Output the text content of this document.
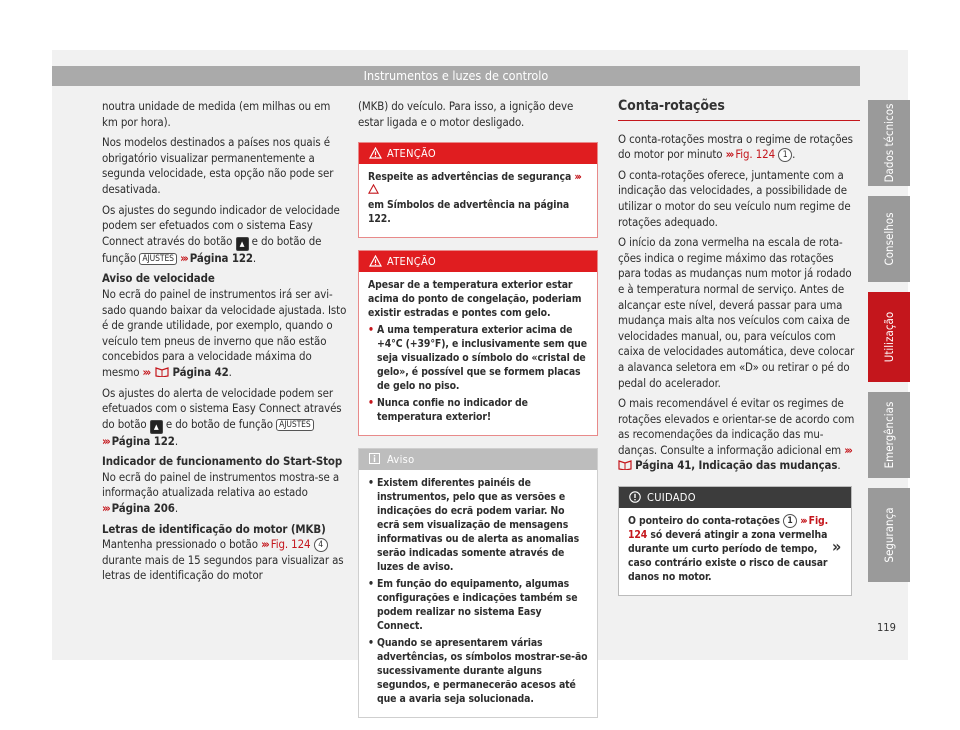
Instrumentos e luzes de controlo

noutra unidade de medida (em milhas ou em km por hora).

Nos modelos destinados a países nos quais é obrigatório visualizar permanentemente a segunda velocidade, esta opção não pode ser desativada.

Os ajustes do segundo indicador de velocidade podem ser efetuados com o sistema Easy Connect através do botão ▲ e do botão de função AJUSTES ››› Página 122.

Aviso de velocidade

No ecrã do painel de instrumentos irá ser avisado quando baixar da velocidade ajustada. Isto é de grande utilidade, por exemplo, quando o veículo tem pneus de inverno que não estão concebidos para a velocidade máxima do mesmo ››› Página 42.

Os ajustes do alerta de velocidade podem ser efetuados com o sistema Easy Connect através do botão ▲ e do botão de função AJUSTES ››› Página 122.

Indicador de funcionamento do Start-Stop

No ecrã do painel de instrumentos mostra-se a informação atualizada relativa ao estado ››› Página 206.

Letras de identificação do motor (MKB)

Mantenha pressionado o botão ››› Fig. 124 4 durante mais de 15 segundos para visualizar as letras de identificação do motor

(MKB) do veículo. Para isso, a ignição deve estar ligada e o motor desligado.

ATENÇÃO

Respeite as advertências de segurança ›››
em Símbolos de advertência na página 122.

ATENÇÃO

Apesar de a temperatura exterior estar acima do ponto de congelação, poderiam existir estradas e pontes com gelo.

• A uma temperatura exterior acima de +4°C (+39°F), e inclusivamente sem que seja visualizado o símbolo do «cristal de gelo», é possível que se formem placas de gelo no piso.

• Nunca confie no indicador de temperatura exterior!

Aviso

• Existem diferentes painéis de instrumentos, pelo que as versões e indicações do ecrã podem variar. No ecrã sem visualização de mensagens informativas ou de alerta as anomalias serão indicadas somente através de luzes de aviso.

• Em função do equipamento, algumas configurações e indicações também se podem realizar no sistema Easy Connect.

• Quando se apresentarem várias advertências, os símbolos mostrar-se-ão sucessivamente durante alguns segundos, e permanecerão acesos até que a avaria seja solucionada.

Conta-rotações

O conta-rotações mostra o regime de rotações do motor por minuto ››› Fig. 124 1 .

O conta-rotações oferece, juntamente com a indicação das velocidades, a possibilidade de utilizar o motor do seu veículo num regime de rotações adequado.

O início da zona vermelha na escala de rotações indica o regime máximo das rotações para todas as mudanças num motor já rodado e à temperatura normal de serviço. Antes de alcançar este nível, deverá passar para uma mudança mais alta nos veículos com caixa de velocidades manual, ou, para veículos com caixa de velocidades automática, deve colocar a alavanca seletora em «D» ou retirar o pé do pedal do acelerador.

O mais recomendável é evitar os regimes de rotações elevados e orientar-se de acordo com as recomendações da indicação das mudanças. Consulte a informação adicional em ›››  Página 41, Indicação das mudanças.

CUIDADO

O ponteiro do conta-rotações 1 ››› Fig. 124 só deverá atingir a zona vermelha durante um curto período de tempo, caso contrário existe o risco de causar danos no motor.

»
Dados técnicos
Conselhos
Utilização
Emergências
Segurança
119
